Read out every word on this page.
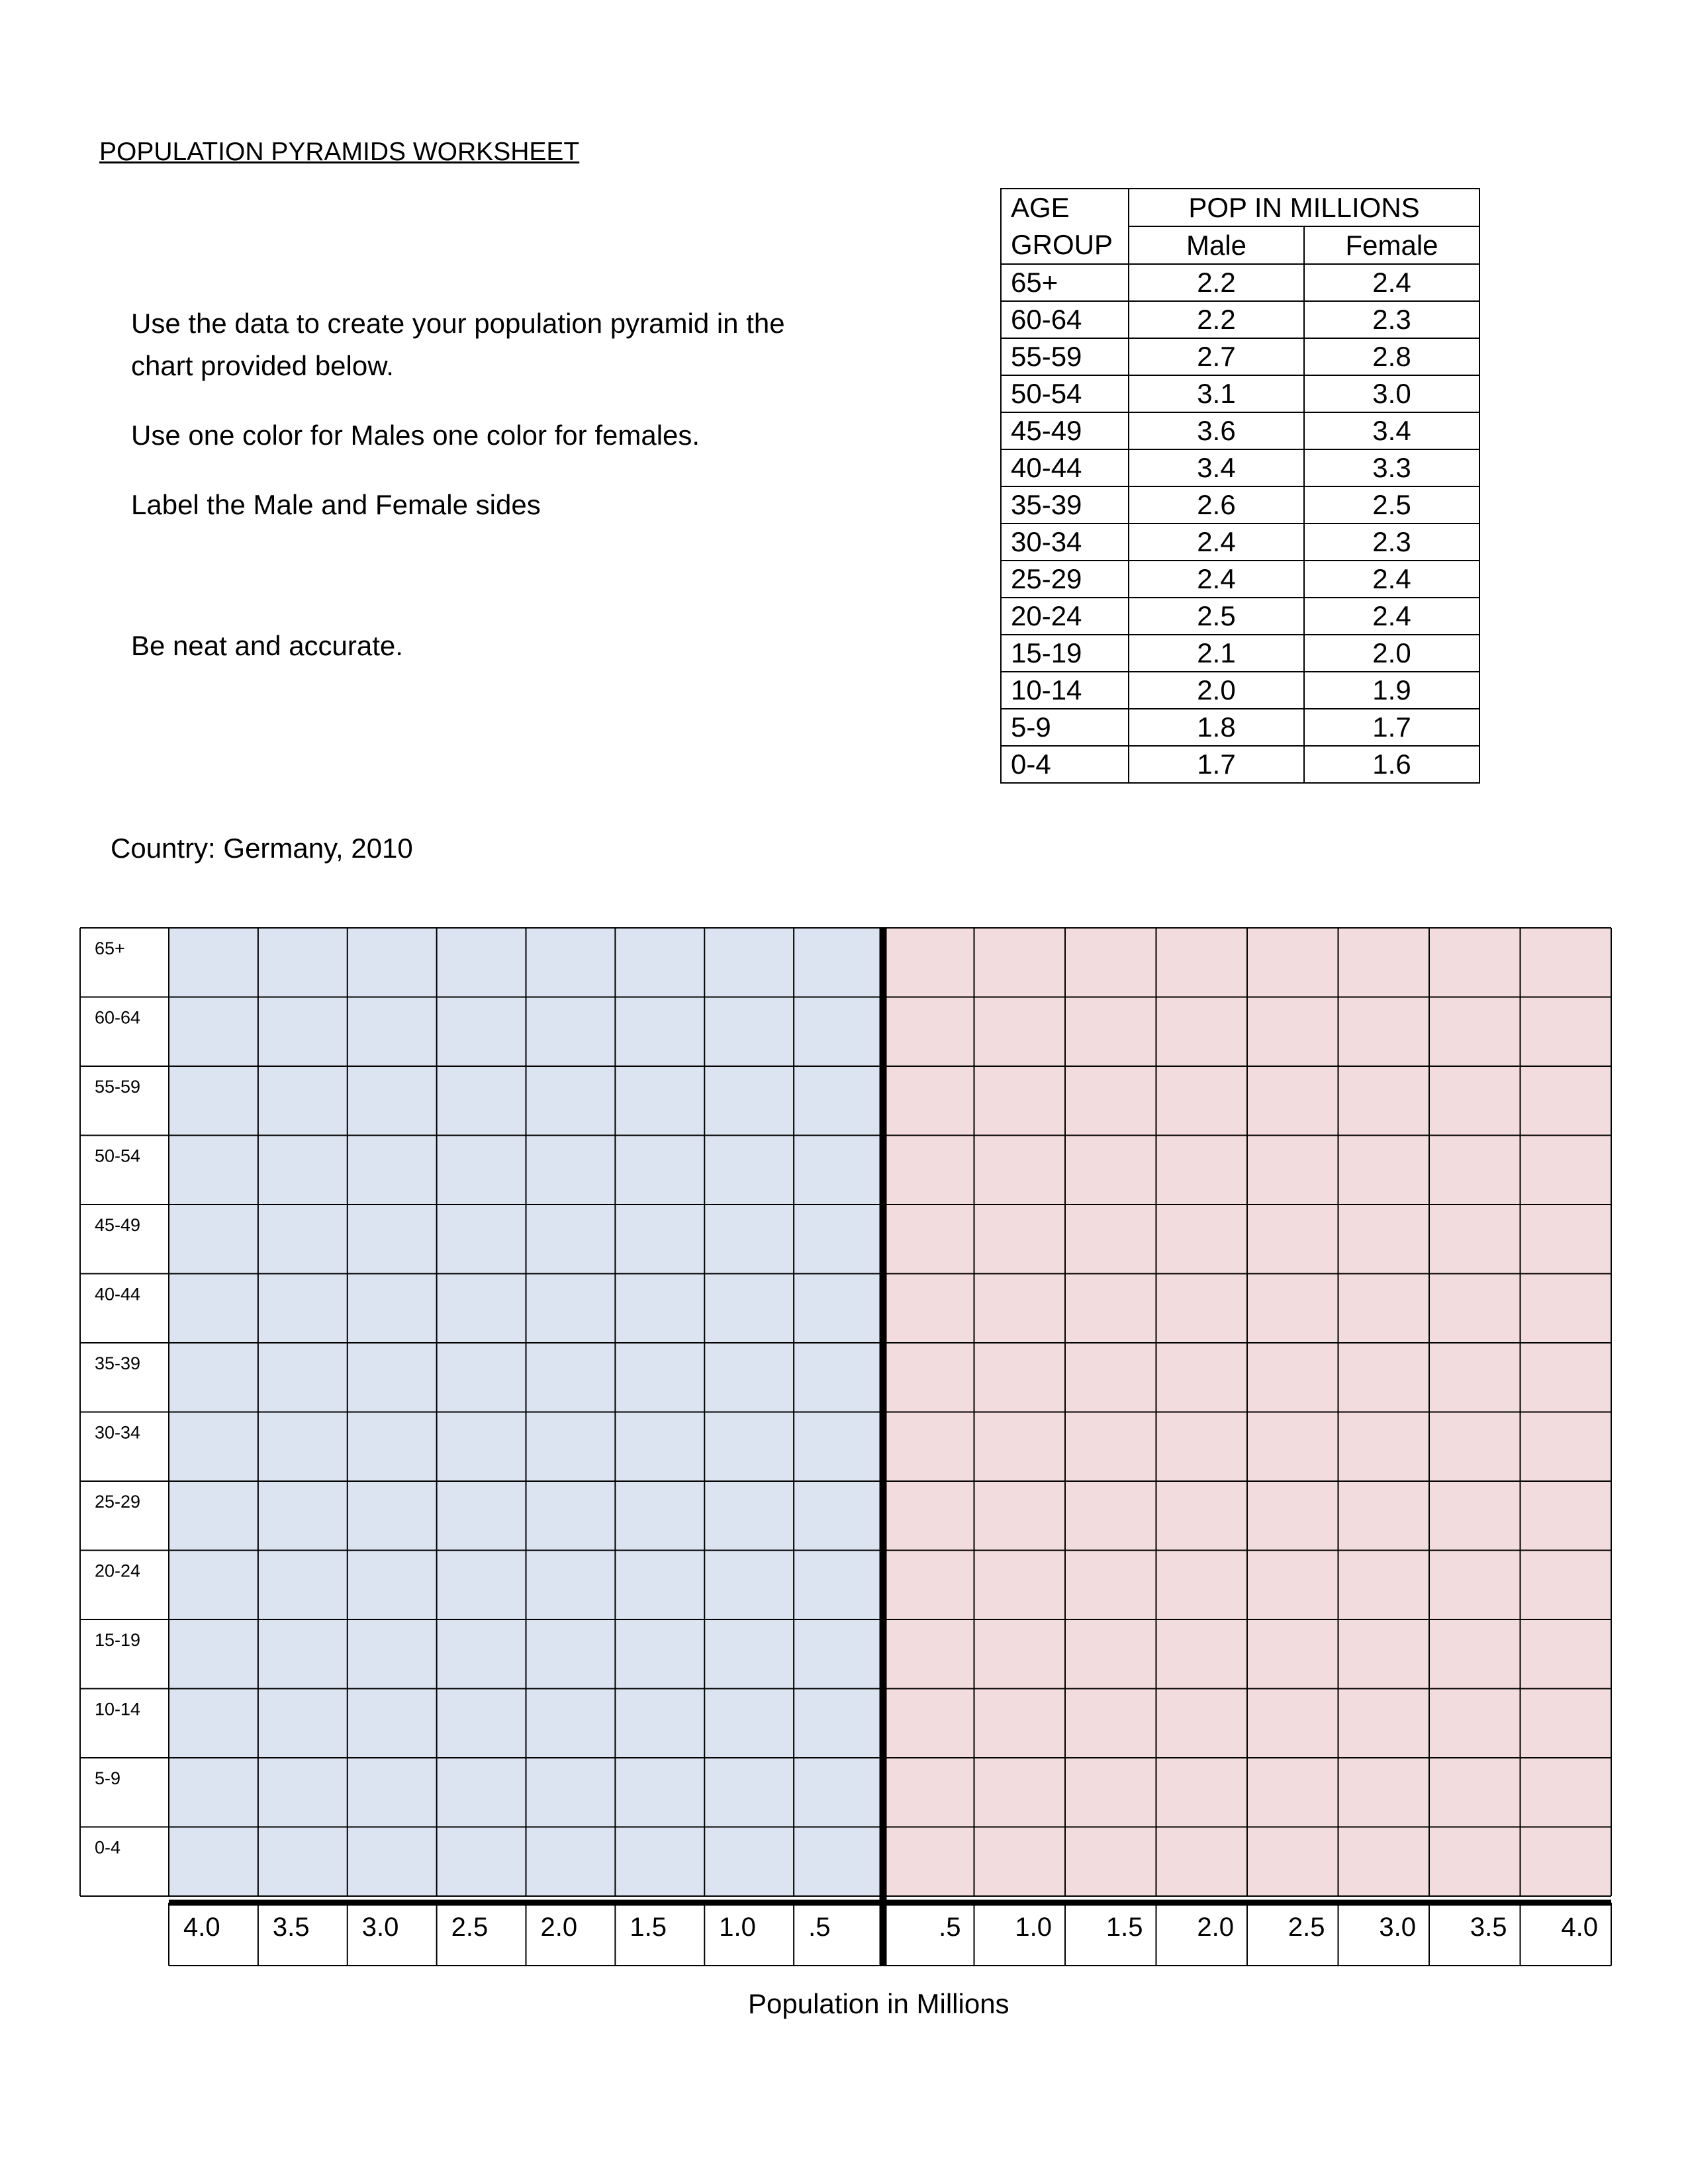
POPULATION PYRAMIDS WORKSHEET
Use the data to create your population pyramid in the
chart provided below.
Use one color for Males one color for females.
Label the Male and Female sides
Be neat and accurate.
AGE
GROUP	POP IN MILLIONS	
	Male	Female
65+	2.2	2.4
60-64	2.2	2.3
55-59	2.7	2.8
50-54	3.1	3.0
45-49	3.6	3.4
40-44	3.4	3.3
35-39	2.6	2.5
30-34	2.4	2.3
25-29	2.4	2.4
20-24	2.5	2.4
15-19	2.1	2.0
10-14	2.0	1.9
5-9	1.8	1.7
0-4	1.7	1.6
Country: Germany, 2010
65+
60-64
55-59
50-54
45-49
40-44
35-39
30-34
25-29
20-24
15-19
10-14
5-9
0-4
4.0 3.5 3.0 2.5 2.0 1.5 1.0 .5	.5 1.0 1.5 2.0 2.5 3.0 3.5 4.0
Population in Millions
